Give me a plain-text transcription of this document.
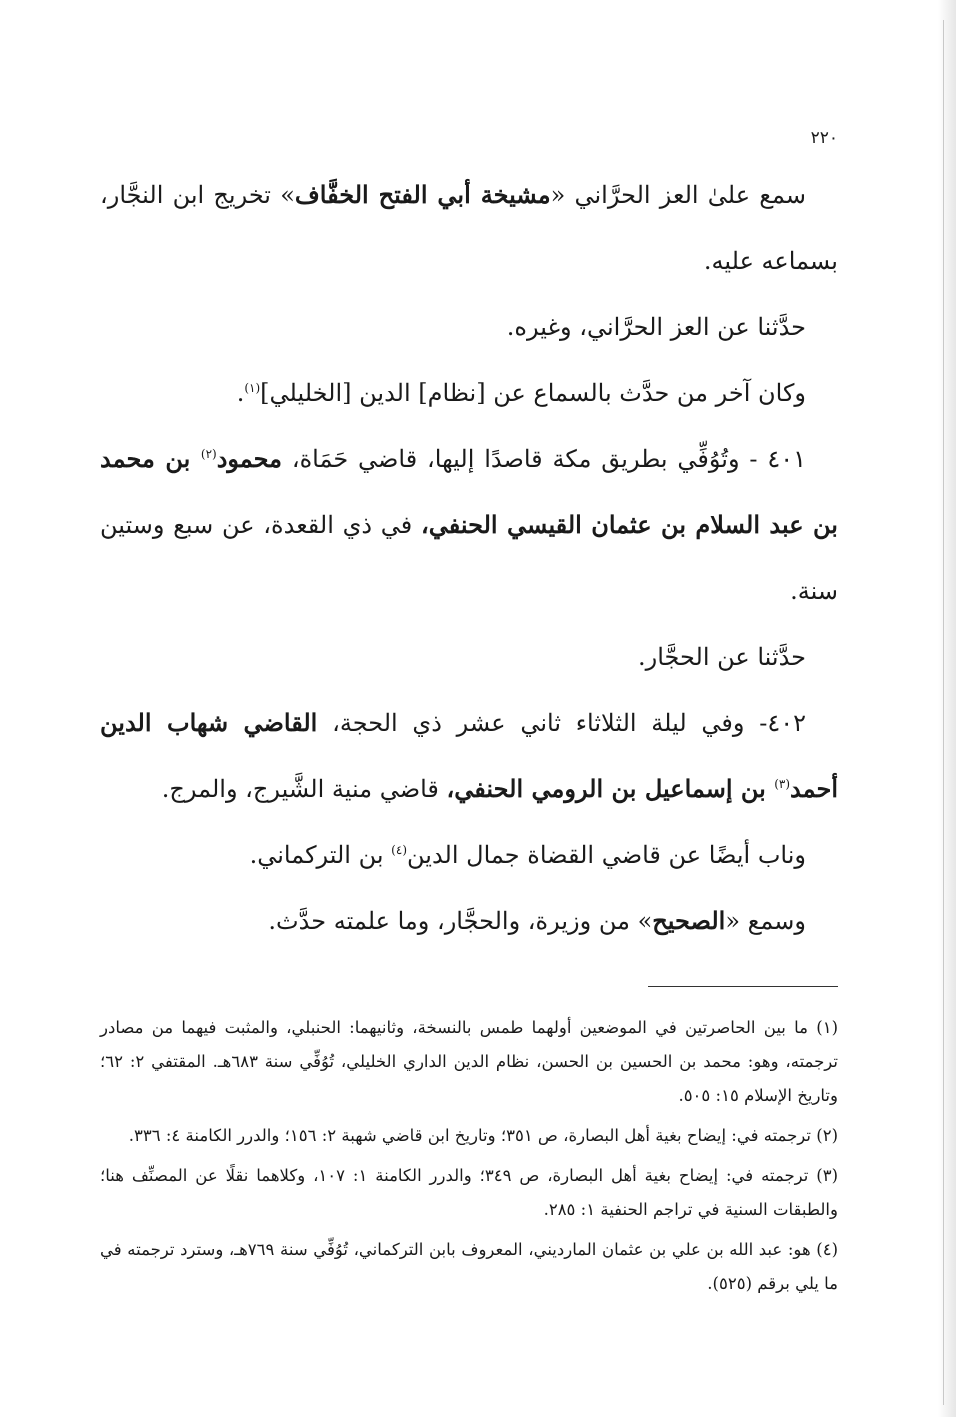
٢٢٠

سمع علىٰ العز الحرَّاني «مشيخة أبي الفتح الخفَّاف» تخريج ابن النجَّار، بسماعه عليه.

حدَّثنا عن العز الحرَّاني، وغيره.

وكان آخر من حدَّث بالسماع عن [نظام] الدين [الخليلي]$^{(١)}$.

٤٠١ - وتُوُفِّي بطريق مكة قاصدًا إليها، قاضي حَمَاة، محمود$^{(٢)}$ بن محمد بن عبد السلام بن عثمان القيسي الحنفي، في ذي القعدة، عن سبع وستين سنة.

حدَّثنا عن الحجَّار.

٤٠٢- وفي ليلة الثلاثاء ثاني عشر ذي الحجة، القاضي شهاب الدين أحمد$^{(٣)}$ بن إسماعيل بن الرومي الحنفي، قاضي منية الشَّيرج، والمرج.

وناب أيضًا عن قاضي القضاة جمال الدين$^{(٤)}$ بن التركماني.

وسمع «الصحيح» من وزيرة، والحجَّار، وما علمته حدَّث.

(١) ما بين الحاصرتين في الموضعين أولهما طمس بالنسخة، وثانيهما: الحنبلي، والمثبت فيهما من مصادر ترجمته، وهو: محمد بن الحسين بن الحسن، نظام الدين الداري الخليلي، تُوُفِّي سنة ٦٨٣هـ. المقتفي ٢: ٦٢؛ وتاريخ الإسلام ١٥: ٥٠٥.

(٢) ترجمته في: إيضاح بغية أهل البصارة، ص ٣٥١؛ وتاريخ ابن قاضي شهبة ٢: ١٥٦؛ والدرر الكامنة ٤: ٣٣٦.

(٣) ترجمته في: إيضاح بغية أهل البصارة، ص ٣٤٩؛ والدرر الكامنة ١: ١٠٧، وكلاهما نقلًا عن المصنِّف هنا؛ والطبقات السنية في تراجم الحنفية ١: ٢٨٥.

(٤) هو: عبد الله بن علي بن عثمان المارديني، المعروف بابن التركماني، تُوُفِّي سنة ٧٦٩هـ، وسترد ترجمته في ما يلي برقم (٥٢٥).
